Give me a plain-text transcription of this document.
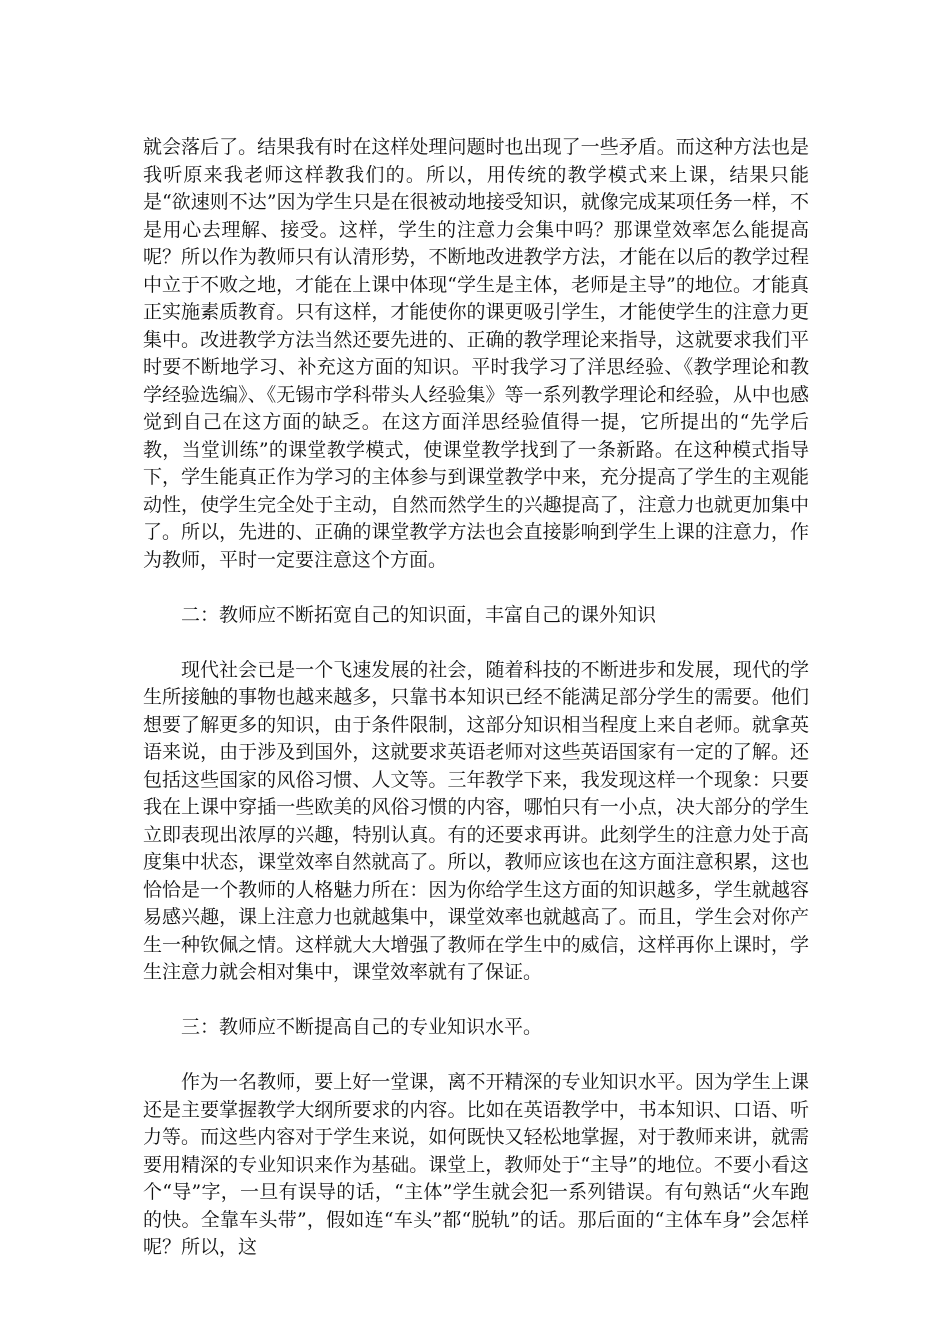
就会落后了。结果我有时在这样处理问题时也出现了一些矛盾。而这种方法也是我听原来我老师这样教我们的。所以，用传统的教学模式来上课，结果只能是“欲速则不达”因为学生只是在很被动地接受知识，就像完成某项任务一样，不是用心去理解、接受。这样，学生的注意力会集中吗？那课堂效率怎么能提高呢？所以作为教师只有认清形势，不断地改进教学方法，才能在以后的教学过程中立于不败之地，才能在上课中体现“学生是主体，老师是主导”的地位。才能真正实施素质教育。只有这样，才能使你的课更吸引学生，才能使学生的注意力更集中。改进教学方法当然还要先进的、正确的教学理论来指导，这就要求我们平时要不断地学习、补充这方面的知识。平时我学习了洋思经验、《教学理论和教学经验选编》、《无锡市学科带头人经验集》等一系列教学理论和经验，从中也感觉到自己在这方面的缺乏。在这方面洋思经验值得一提，它所提出的“先学后教，当堂训练”的课堂教学模式，使课堂教学找到了一条新路。在这种模式指导下，学生能真正作为学习的主体参与到课堂教学中来，充分提高了学生的主观能动性，使学生完全处于主动，自然而然学生的兴趣提高了，注意力也就更加集中了。所以，先进的、正确的课堂教学方法也会直接影响到学生上课的注意力，作为教师，平时一定要注意这个方面。

二：教师应不断拓宽自己的知识面，丰富自己的课外知识

现代社会已是一个飞速发展的社会，随着科技的不断进步和发展，现代的学生所接触的事物也越来越多，只靠书本知识已经不能满足部分学生的需要。他们想要了解更多的知识，由于条件限制，这部分知识相当程度上来自老师。就拿英语来说，由于涉及到国外，这就要求英语老师对这些英语国家有一定的了解。还包括这些国家的风俗习惯、人文等。三年教学下来，我发现这样一个现象：只要我在上课中穿插一些欧美的风俗习惯的内容，哪怕只有一小点，决大部分的学生立即表现出浓厚的兴趣，特别认真。有的还要求再讲。此刻学生的注意力处于高度集中状态，课堂效率自然就高了。所以，教师应该也在这方面注意积累，这也恰恰是一个教师的人格魅力所在：因为你给学生这方面的知识越多，学生就越容易感兴趣，课上注意力也就越集中，课堂效率也就越高了。而且，学生会对你产生一种钦佩之情。这样就大大增强了教师在学生中的威信，这样再你上课时，学生注意力就会相对集中，课堂效率就有了保证。

三：教师应不断提高自己的专业知识水平。

作为一名教师，要上好一堂课，离不开精深的专业知识水平。因为学生上课还是主要掌握教学大纲所要求的内容。比如在英语教学中，书本知识、口语、听力等。而这些内容对于学生来说，如何既快又轻松地掌握，对于教师来讲，就需要用精深的专业知识来作为基础。课堂上，教师处于“主导”的地位。不要小看这个“导”字，一旦有误导的话，“主体”学生就会犯一系列错误。有句熟话“火车跑的快。全靠车头带”，假如连“车头”都“脱轨”的话。那后面的“主体车身”会怎样呢？所以，这
